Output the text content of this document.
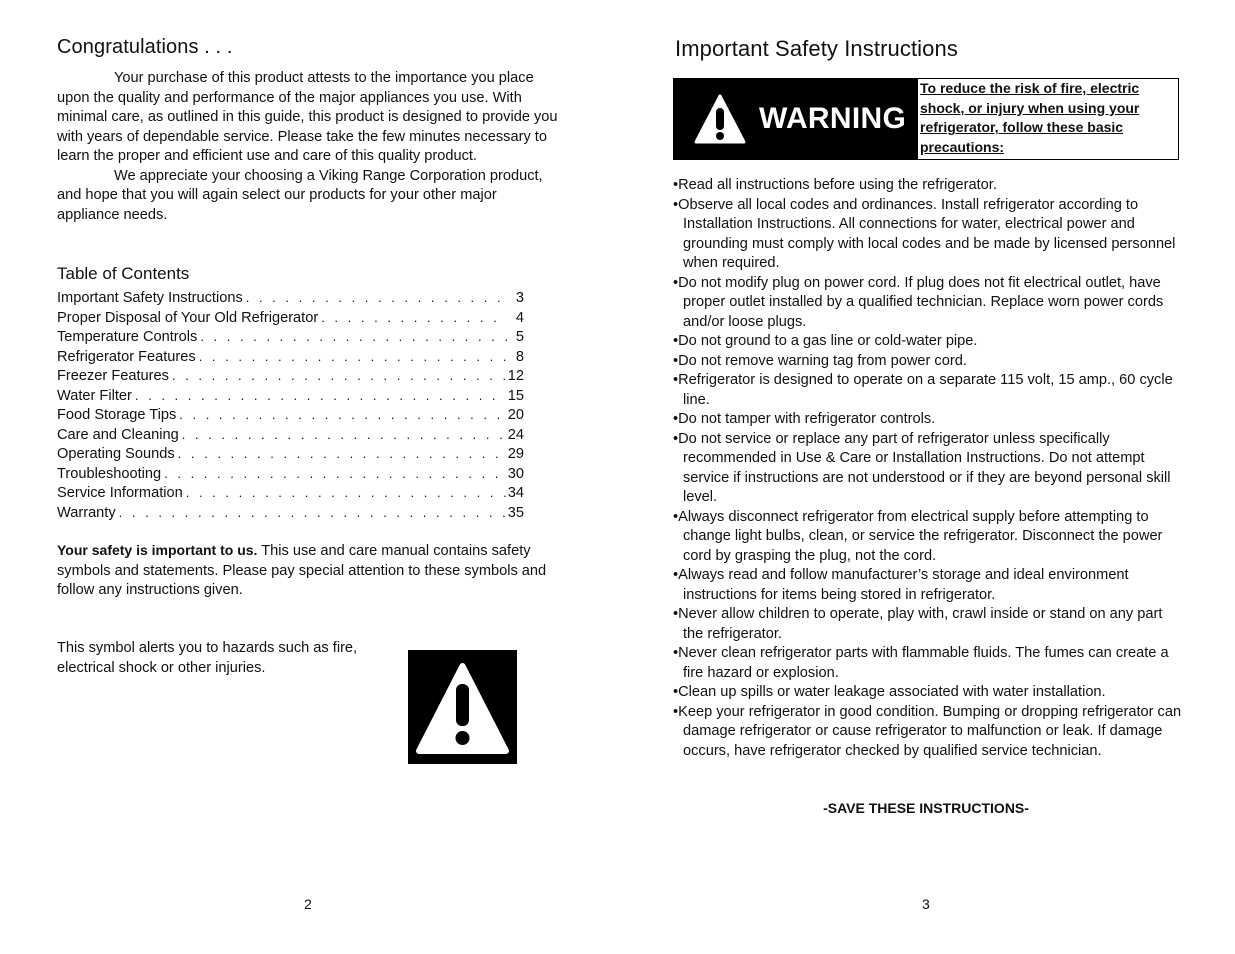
Congratulations . . .

Your purchase of this product attests to the importance you place upon the quality and performance of the major appliances you use. With minimal care, as outlined in this guide, this product is designed to provide you with years of dependable service. Please take the few minutes necessary to learn the proper and efficient use and care of this quality product.

We appreciate your choosing a Viking Range Corporation product, and hope that you will again select our products for your other major appliance needs.

Table of Contents
Important Safety Instructions . . .	3
Proper Disposal of Your Old Refrigerator . . .	4
Temperature Controls . . .	5
Refrigerator Features . . .	8
Freezer Features . . .	12
Water Filter . . .	15
Food Storage Tips . . .	20
Care and Cleaning . . .	24
Operating Sounds . . .	29
Troubleshooting . . .	30
Service Information . . .	34
Warranty . . .	35

Your safety is important to us. This use and care manual contains safety symbols and statements. Please pay special attention to these symbols and follow any instructions given.

This symbol alerts you to hazards such as fire, electrical shock or other injuries.

2
Important Safety Instructions
WARNING
To reduce the risk of fire, electric shock, or injury when using your refrigerator, follow these basic precautions:
•Read all instructions before using the refrigerator.
•Observe all local codes and ordinances. Install refrigerator according to Installation Instructions. All connections for water, electrical power and grounding must comply with local codes and be made by licensed personnel when required.
•Do not modify plug on power cord. If plug does not fit electrical outlet, have proper outlet installed by a qualified technician. Replace worn power cords and/or loose plugs.
•Do not ground to a gas line or cold-water pipe.
•Do not remove warning tag from power cord.
•Refrigerator is designed to operate on a separate 115 volt, 15 amp., 60 cycle line.
•Do not tamper with refrigerator controls.
•Do not service or replace any part of refrigerator unless specifically recommended in Use & Care or Installation Instructions. Do not attempt service if instructions are not understood or if they are beyond personal skill level.
•Always disconnect refrigerator from electrical supply before attempting to change light bulbs, clean, or service the refrigerator. Disconnect the power cord by grasping the plug, not the cord.
•Always read and follow manufacturer’s storage and ideal environment instructions for items being stored in refrigerator.
•Never allow children to operate, play with, crawl inside or stand on any part the refrigerator.
•Never clean refrigerator parts with flammable fluids. The fumes can create a fire hazard or explosion.
•Clean up spills or water leakage associated with water installation.
•Keep your refrigerator in good condition. Bumping or dropping refrigerator can damage refrigerator or cause refrigerator to malfunction or leak. If damage occurs, have refrigerator checked by qualified service technician.

-SAVE THESE INSTRUCTIONS-

3
